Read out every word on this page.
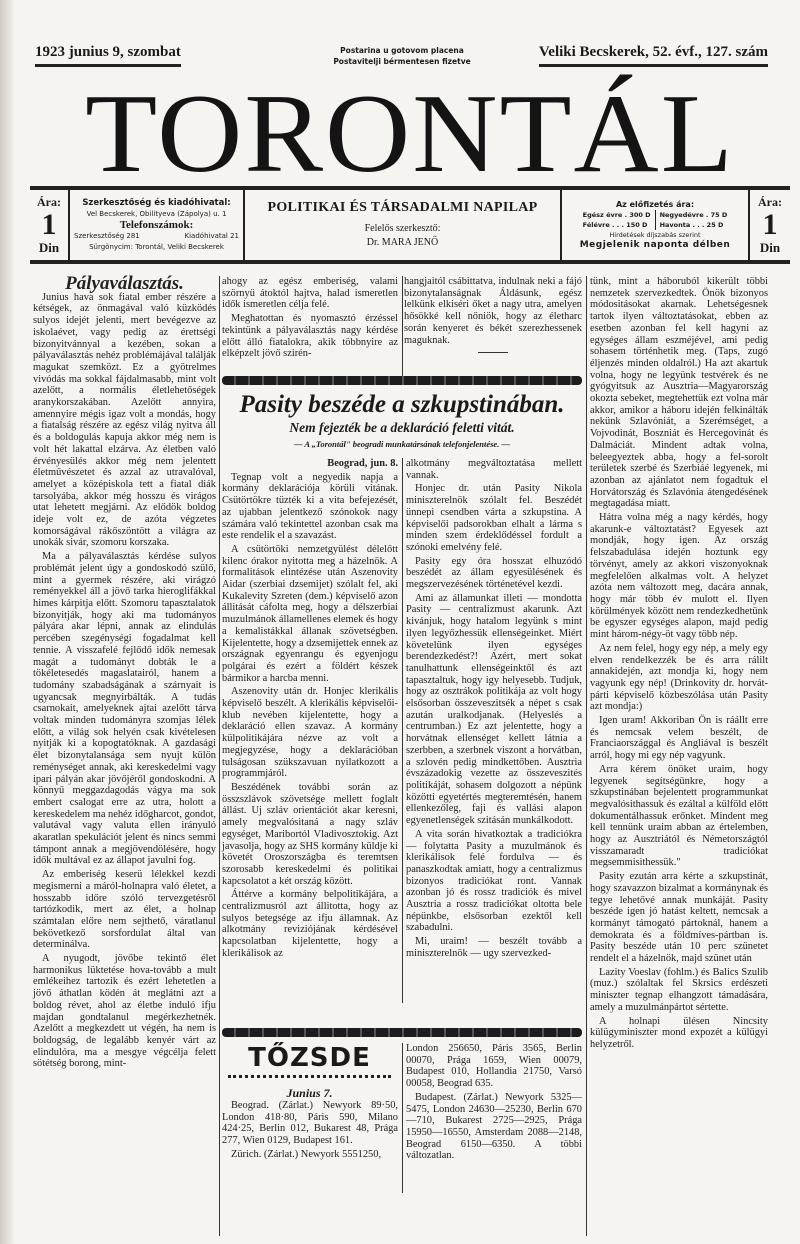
1923 junius 9, szombat	Postarina u gotovom placena
Postavitelji bérmentesen fizetve
Veliki Becskerek, 52. évf., 127. szám
TORONTÁL
Ára:
1
Din
Szerkesztőség és kiadóhivatal:
Vel Becskerek, Obilityeva (Zápolya) u. 1
Telefonszámok:
Szerkesztőség 281	Kiadóhivatal 21
Sürgönycim: Torontál, Veliki Becskerek
POLITIKAI ÉS TÁRSADALMI NAPILAP
Felelős szerkesztő:
Dr. MARA JENŐ
Az előfizetés ára:
Egész évre . 300 D
Félévre . . . 150 D
Negyedévre . 75 D
Havonta . . . 25 D
Hirdetések díjszabás szerint
Megjelenik naponta délben
Ára:
1
Din

Pályaválasztás.

Junius hava sok fiatal ember részére a kétségek, az önmagával való küzködés sulyos idejét jelenti, mert bevégezve az iskolaévet, vagy pedig az érettségi bizonyitvánnyal a kezében, sokan a pályaválasztás nehéz problémájával találják magukat szemközt. Ez a gyötrelmes vivódás ma sokkal fájdalmasabb, mint volt azelőtt, a normális életlehetőségek aranykorszakában. Azelőtt annyira, amennyire mégis igaz volt a mondás, hogy a fiatalság részére az egész világ nyitva áll és a boldogulás kapuja akkor még nem is volt hét lakattal elzárva. Az életben való érvényesülés akkor még nem jelentett életművészetet és azzal az utravalóval, amelyet a középiskola tett a fiatal diák tarsolyába, akkor még hosszu és virágos utat lehetett megjárni. Az elődök boldog ideje volt ez, de azóta végzetes komorságával rákőszöntött a világra az unokák sivár, szomoru korszaka.

Ma a pályaválasztás kérdése sulyos problémát jelent úgy a gondoskodó szülő, mint a gyermek részére, aki virágzó reményekkel áll a jövő tarka hieroglifákkal himes kárpitja előtt. Szomoru tapasztalatok bizonyitják, hogy aki ma tudományos pályára akar lépni, annak az elindulás percében szegénységi fogadalmat kell tennie. A visszafelé fejlődő idők nemesak magát a tudományt dobták le a tökéletesedés magaslatairól, hanem a tudomány szabadságának a szárnyait is ugyancsak megnyirbálták. A tudás csarnokait, amelyeknek ajtai azelőtt tárva voltak minden tudományra szomjas lélek előtt, a világ sok helyén csak kivételesen nyitják ki a kopogtatóknak. A gazdasági élet bizonytalansága sem nyujt külön reménységet annak, aki kereskedelmi vagy ipari pályán akar jövőjéről gondoskodni. A könnyű meggazdagodás vágya ma sok embert csalogat erre az utra, holott a kereskedelem ma nehéz időgharcot, gondot, valutával vagy valuta ellen irányuló akaratlan spekulációt jelent és nincs semmi támpont annak a megjövendölésére, hogy idők multával ez az állapot javulni fog.

Az emberiség keserü lélekkel kezdi megismerni a máról-holnapra való életet, a hosszabb időre szóló tervezgetésről tartózkodik, mert az élet, a holnap számtalan előre nem sejthető, váratlanul bekövetkező sorsfordulat által van determinálva.

A nyugodt, jövőbe tekintő élet harmonikus lüktetése hova-tovább a mult emlékeihez tartozik és ezért lehetetlen a jövő áthatlan ködén át meglátni azt a boldog révet, ahol az életbe induló ifju majdan gondtalanul megérkezhetnék. Azelőtt a megkezdett ut végén, ha nem is boldogság, de legalább kenyér várt az elindulóra, ma a mesgye végcélja felett sötétség borong, mint-

ahogy az egész emberiség, valami szörnyü átoktól hajtva, halad ismeretlen idők ismeretlen célja felé.

Meghatottan és nyomasztó érzéssel tekintünk a pályaválasztás nagy kérdése előtt álló fiatalokra, akik többnyire az elképzelt jövő szirén-

hangjaitól csábittatva, indulnak neki a fájó bizonytalanságnak Áldásunk, egész lelkünk elkiséri őket a nagy utra, amelyen hősökké kell nőniök, hogy az életharc során kenyeret és békét szerezhessenek maguknak.

Pasity beszéde a szkupstinában.
Nem fejezték be a deklaráció feletti vitát.
— A „Torontál" beogradi munkatársának telefonjelentése. —

Beograd, jun. 8.

Tegnap volt a negyedik napja a kormány deklarációja körüli vitának. Csütörtökre tüzték ki a vita befejezését, az ujabban jelentkező szónokok nagy számára való tekintettel azonban csak ma este rendelik el a szavazást.

A csütörtöki nemzetgyülést délelőtt kilenc órakor nyitotta meg a házelnök. A formalitások elintézése után Aszenovity Aidar (szerbiai dzsemijet) szólalt fel, aki Kukalevity Szreten (dem.) képviselő azon állitását cáfolta meg, hogy a délszerbiai muzulmánok államellenes elemek és hogy a kemalistákkal állanak szövetségben. Kijelentette, hogy a dzsemijettek ennek az országnak egyenrangu és egyenjogu polgárai és ezért a földért készek bármikor a harcba menni.

Aszenovity után dr. Honjec klerikális képviselő beszélt. A klerikális képviselői-klub nevében kijelentette, hogy a deklaráció ellen szavaz. A kormány külpolitikájára nézve az volt a megjegyzése, hogy a deklarációban tulságosan szükszavuan nyilatkozott a programmjáról.

Beszédének további során az összszlávok szövetsége mellett foglalt állást. Uj szláv orientációt akar keresni, amely megvalósitaná a nagy szláv egységet, Maribortól Vladivosztokig. Azt javasolja, hogy az SHS kormány küldje ki követét Oroszországba és teremtsen szorosabb kereskedelmi és politikai kapcsolatot a két ország között.

Áttérve a kormány belpolitikájára, a centralizmusról azt állitotta, hogy az sulyos betegsége az ifju államnak. Az alkotmány reviziójának kérdésével kapcsolatban kijelentette, hogy a klerikálisok az

alkotmány megváltoztatása mellett vannak.

Honjec dr. után Pasity Nikola miniszterelnök szólalt fel. Beszédét ünnepi csendben várta a szkupstina. A képviselői padsorokban elhalt a lárma s minden szem érdeklődéssel fordult a szónoki emelvény felé.

Pasity egy óra hosszat elhuzódó beszédét az állam egyesülésének és megszervezésének történetével kezdi.

Ami az államunkat illeti — mondotta Pasity — centralizmust akarunk. Azt kivánjuk, hogy hatalom legyünk s mint ilyen legyőzhessük ellenségeinket. Miért követelünk ilyen egységes berendezkedést?! Azért, mert sokat tanulhattunk ellenségeinktől és azt tapasztaltuk, hogy igy helyesebb. Tudjuk, hogy az osztrákok politikája az volt hogy elsősorban összeveszitsék a népet s csak azután uralkodjanak. (Helyeslés a centrumban.) Ez azt jelentette, hogy a horvátnak ellenséget kellett látnia a szerbben, a szerbnek viszont a horvátban, a szlovén pedig mindkettőben. Ausztria évszázadokig vezette az összeveszités politikáját, sohasem dolgozott a népünk közötti egyetértés megteremtésén, hanem ellenkezőleg, faji és vallási alapon egyenetlenségek szitásán munkálkodott.

A vita során hivatkoztak a tradiciókra — folytatta Pasity a muzulmánok és klerikálisok felé fordulva — és panaszkodtak amiatt, hogy a centralizmus bizonyos tradiciókat ront. Vannak azonban jó és rossz tradiciók és mivel Ausztria a rossz tradiciókat oltotta bele népünkbe, elsősorban ezektől kell szabadulni.

Mi, uraim! — beszélt tovább a miniszterelnök — ugy szervezked-

tünk, mint a háboruból kikerült többi nemzetek szervezkedtek. Önök bizonyos módositásokat akarnak. Lehetségesnek tartok ilyen változtatásokat, ebben az esetben azonban fel kell hagyni az egységes állam eszméjével, ami pedig sohasem történhetik meg. (Taps, zugó éljenzés minden oldalról.) Ha azt akartuk volna, hogy ne legyünk testvérek és ne gyógyitsuk az Ausztria—Magyarország okozta sebeket, megtehettük ezt volna már akkor, amikor a háboru idején felkinálták nekünk Szlavóniát, a Szerémséget, a Vojvodinát, Boszniát és Hercegovinát és Dalmáciát. Mindent adtak volna, beleegyeztek abba, hogy a fel-sorolt területek szerbé és Szerbiáé legyenek, mi azonban az ajánlatot nem fogadtuk el Horvátország és Szlavónia átengedésének megtagadása miatt.

Hátra volna még a nagy kérdés, hogy akarunk-e változtatást? Egyesek azt mondják, hogy igen. Az ország felszabadulása idején hoztunk egy törvényt, amely az akkori viszonyoknak megfelelően alkalmas volt. A helyzet azóta nem változott meg, dacára annak, hogy már több év mulott el. Ilyen körülmények között nem rendezkedhetünk be egyszer egységes alapon, majd pedig mint három-négy-öt vagy több nép.

Az nem felel, hogy egy nép, a mely egy elven rendelkezzék be és arra rálilt annakidején, azt mondja ki, hogy nem vagyunk egy nép! (Drinkovity dr. horvát-párti képviselő közbeszólása után Pasity azt mondja:)

Igen uram! Akkoriban Ön is ráállt erre és nemcsak velem beszélt, de Franciaországgal és Angliával is beszélt arról, hogy mi egy nép vagyunk.

Arra kérem önöket uraim, hogy legyenek segítségünkre, hogy a szkupstinában bejelentett programmunkat megvalósithassuk és ezáltal a külföld előtt dokumentálhassuk erőnket. Mindent meg kell tennünk uraim abban az értelemben, hogy az Ausztriától és Németországtól visszamaradt tradiciókat megsemmisithessük."

Pasity ezután arra kérte a szkupstinát, hogy szavazzon bizalmat a kormánynak és tegye lehetővé annak munkáját. Pasity beszéde igen jó hatást keltett, nemcsak a kormányt támogató pártoknál, hanem a demokrata és a földmíves-pártban is. Pasity beszéde után 10 perc szünetet rendelt el a házelnök, majd szünet után

Lazity Voeslav (fohlm.) és Balics Szulib (muz.) szólaltak fel Skrsics erdészeti miniszter tegnap elhangzott támadására, amely a muzulmánpártot sértette.

A holnapi ülésen Nincsity külügyminiszter mond expozét a külügyi helyzetről.

TŐZSDE
Junius 7.

Beograd. (Zárlat.) Newyork 89·50, London 418·80, Páris 590, Milano 424·25, Berlin 012, Bukarest 48, Prága 277, Wien 0129, Budapest 161.

Zürich. (Zárlat.) Newyork 5551250,

London 256650, Páris 3565, Berlin 00070, Prága 1659, Wien 00079, Budapest 010, Hollandia 21750, Varsó 00058, Beograd 635.

Budapest. (Zárlat.) Newyork 5325—5475, London 24630—25230, Berlin 670—710, Bukarest 2725—2925, Prága 15950—16550, Amsterdam 2088—2148, Beograd 6150—6350. A többi változatlan.
